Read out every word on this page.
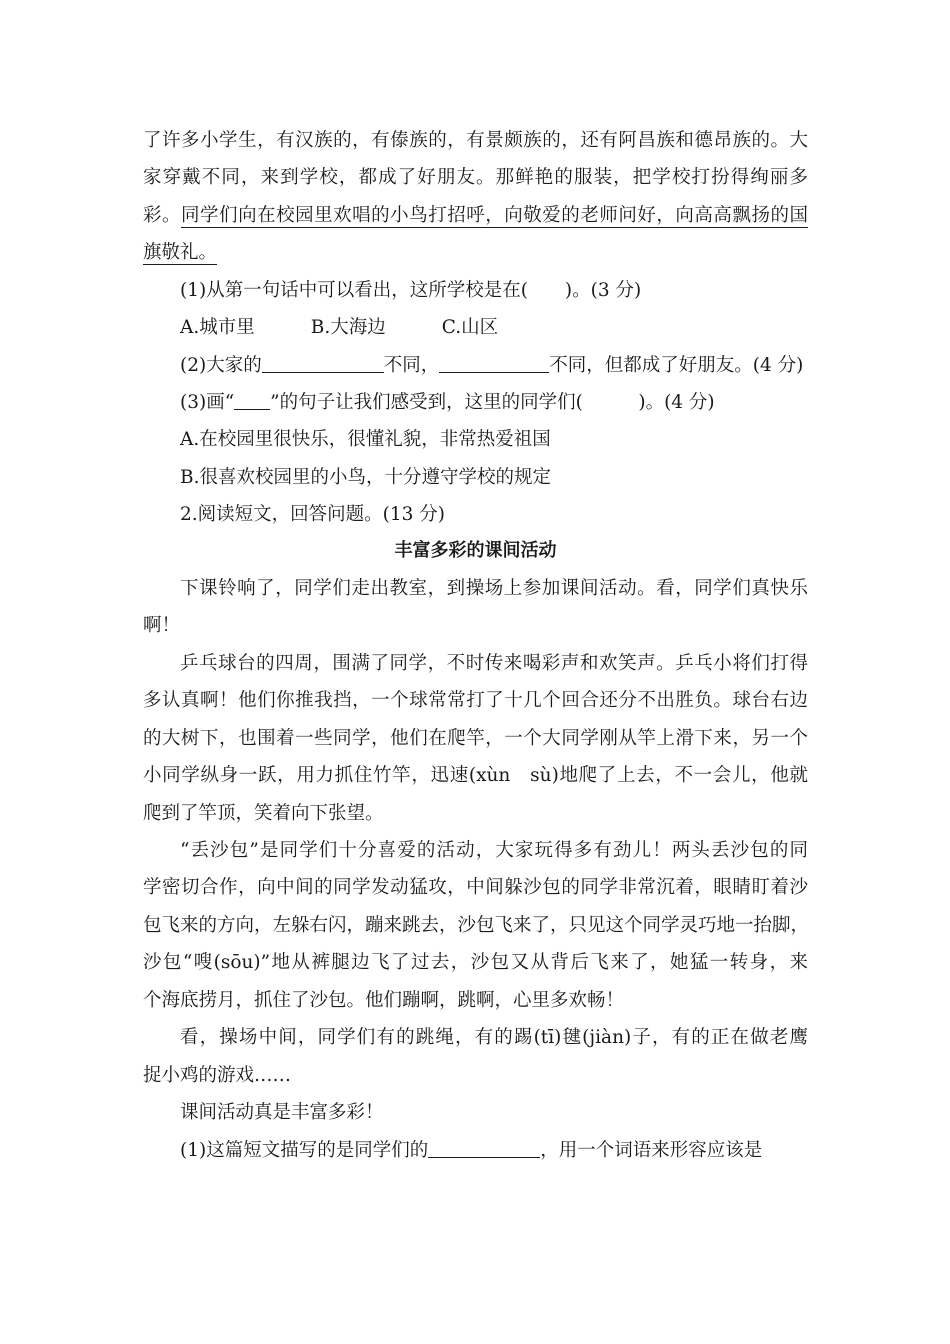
了许多小学生，有汉族的，有傣族的，有景颇族的，还有阿昌族和德昂族的。大
家穿戴不同，来到学校，都成了好朋友。那鲜艳的服装，把学校打扮得绚丽多
彩。同学们向在校园里欢唱的小鸟打招呼，向敬爱的老师问好，向高高飘扬的国
旗敬礼。
(1)从第一句话中可以看出，这所学校是在(　　)。(3 分)
A.城市里	B.大海边	C.山区
(2)大家的	不同，	不同，但都成了好朋友。(4 分)
(3)画“ ”的句子让我们感受到，这里的同学们(　　　)。(4 分)
A.在校园里很快乐，很懂礼貌，非常热爱祖国
B.很喜欢校园里的小鸟，十分遵守学校的规定
2.阅读短文，回答问题。(13 分)
丰富多彩的课间活动
下课铃响了，同学们走出教室，到操场上参加课间活动。看，同学们真快乐
啊！
乒乓球台的四周，围满了同学，不时传来喝彩声和欢笑声。乒乓小将们打得
多认真啊！他们你推我挡，一个球常常打了十几个回合还分不出胜负。球台右边
的大树下，也围着一些同学，他们在爬竿，一个大同学刚从竿上滑下来，另一个
小同学纵身一跃，用力抓住竹竿，迅速(xùn　sù)地爬了上去，不一会儿，他就
爬到了竿顶，笑着向下张望。
“丢沙包”是同学们十分喜爱的活动，大家玩得多有劲儿！两头丢沙包的同
学密切合作，向中间的同学发动猛攻，中间躲沙包的同学非常沉着，眼睛盯着沙
包飞来的方向，左躲右闪，蹦来跳去，沙包飞来了，只见这个同学灵巧地一抬脚，
沙包“嗖(sōu)”地从裤腿边飞了过去，沙包又从背后飞来了，她猛一转身，来
个海底捞月，抓住了沙包。他们蹦啊，跳啊，心里多欢畅！
看，操场中间，同学们有的跳绳，有的踢(tī)毽(jiàn)子，有的正在做老鹰
捉小鸡的游戏……
课间活动真是丰富多彩！
(1)这篇短文描写的是同学们的	，用一个词语来形容应该是
